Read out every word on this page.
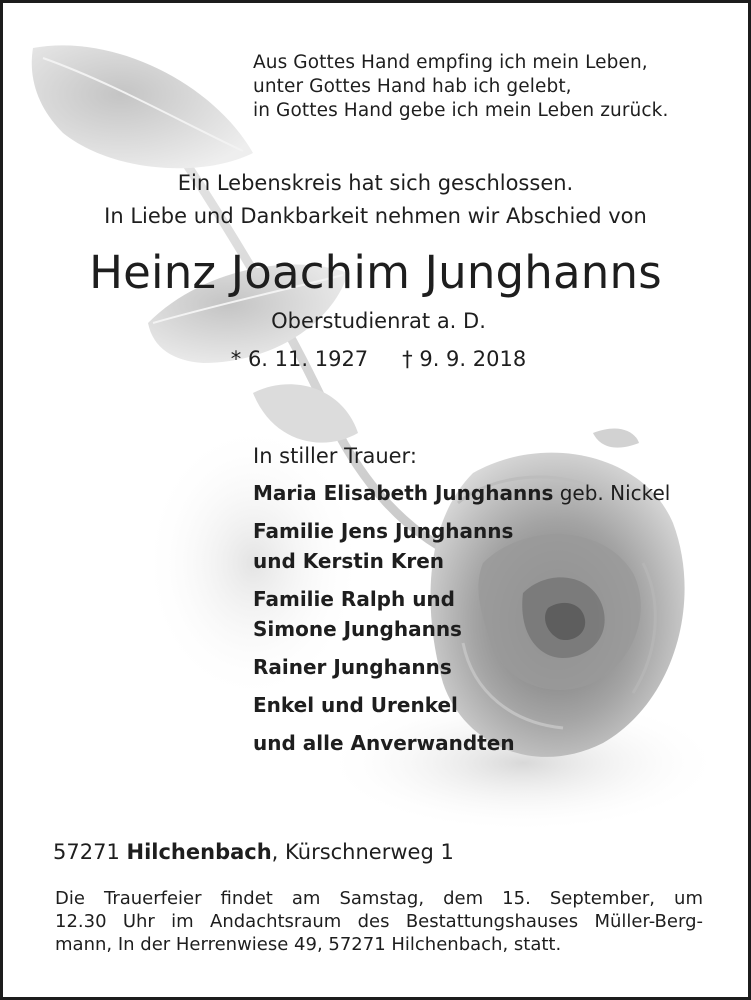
Aus Gottes Hand empfing ich mein Leben,
unter Gottes Hand hab ich gelebt,
in Gottes Hand gebe ich mein Leben zurück.
Ein Lebenskreis hat sich geschlossen.
In Liebe und Dankbarkeit nehmen wir Abschied von
Heinz Joachim Junghanns
Oberstudienrat a. D.
* 6. 11. 1927 † 9. 9. 2018
In stiller Trauer:
Maria Elisabeth Junghanns geb. Nickel
Familie Jens Junghanns
und Kerstin Kren
Familie Ralph und
Simone Junghanns
Rainer Junghanns
Enkel und Urenkel
und alle Anverwandten
57271 Hilchenbach, Kürschnerweg 1
Die Trauerfeier findet am Samstag, dem 15. September, um
12.30 Uhr im Andachtsraum des Bestattungshauses Müller-Berg-
mann, In der Herrenwiese 49, 57271 Hilchenbach, statt.
